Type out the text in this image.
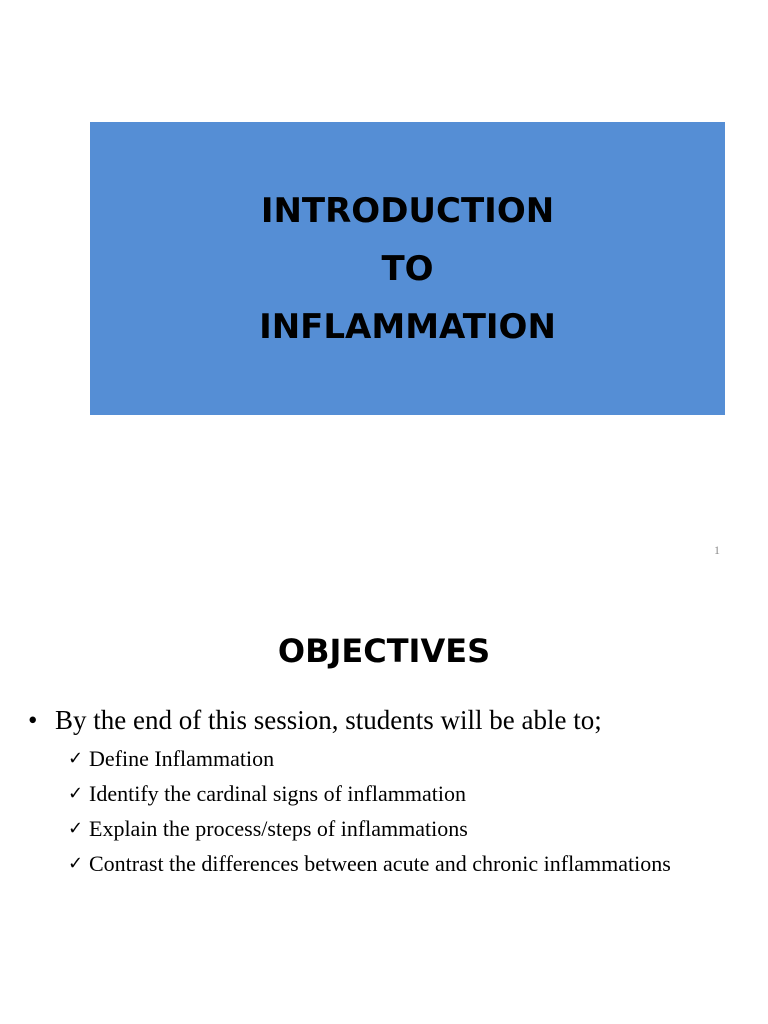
INTRODUCTION
TO
INFLAMMATION
1
OBJECTIVES
• By the end of this session, students will be able to;
✓ Define Inflammation
✓ Identify the cardinal signs of inflammation
✓ Explain the process/steps of inflammations
✓ Contrast the differences between acute and chronic inflammations
